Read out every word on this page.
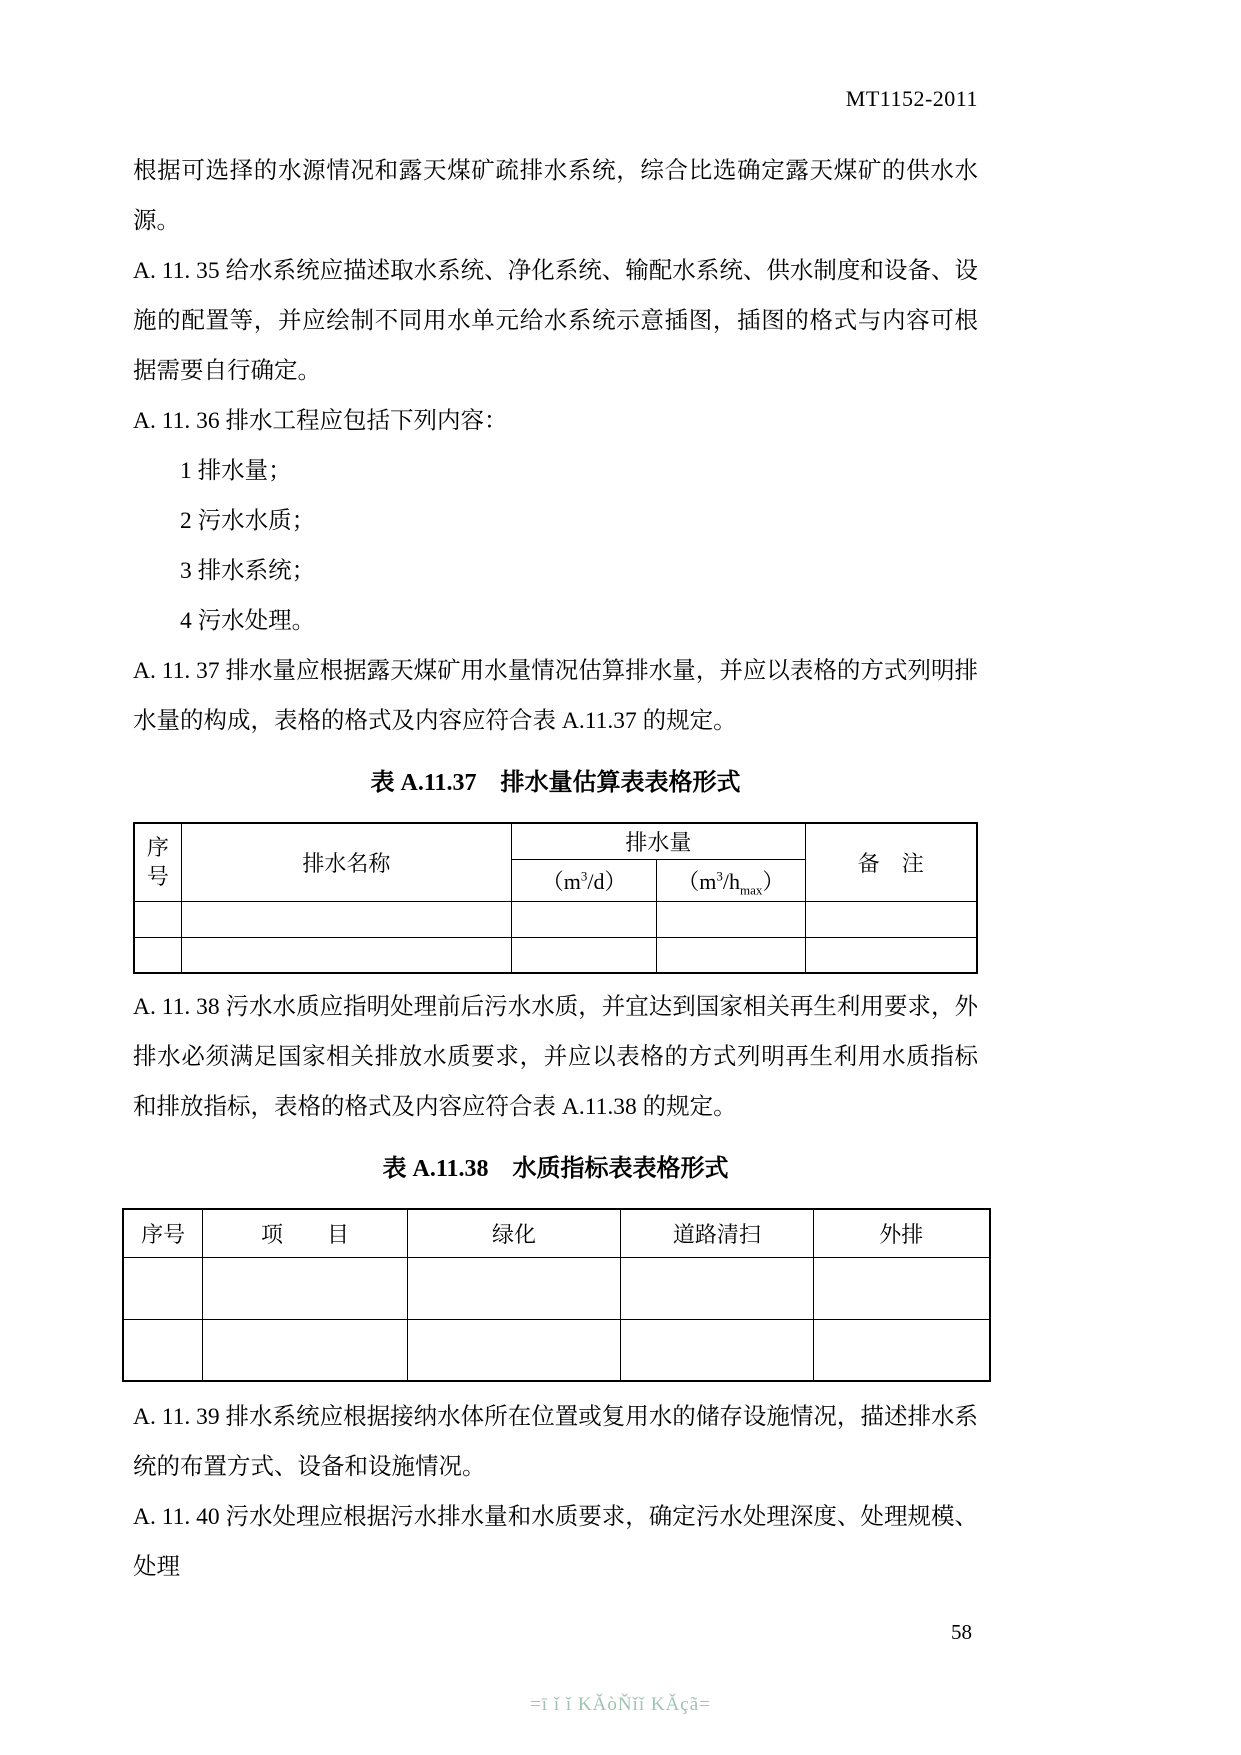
MT1152-2011

根据可选择的水源情况和露天煤矿疏排水系统，综合比选确定露天煤矿的供水水源。

A. 11. 35 给水系统应描述取水系统、净化系统、输配水系统、供水制度和设备、设施的配置等，并应绘制不同用水单元给水系统示意插图，插图的格式与内容可根据需要自行确定。

A. 11. 36 排水工程应包括下列内容：

1 排水量；

2 污水水质；

3 排水系统；

4 污水处理。

A. 11. 37 排水量应根据露天煤矿用水量情况估算排水量，并应以表格的方式列明排水量的构成，表格的格式及内容应符合表 A.11.37 的规定。

表 A.11.37　排水量估算表表格形式
序号	排水名称	排水量		备　注
		$(m^3/d)$	$(m^3/h_{max})$	

A. 11. 38 污水水质应指明处理前后污水水质，并宜达到国家相关再生利用要求，外排水必须满足国家相关排放水质要求，并应以表格的方式列明再生利用水质指标和排放指标，表格的格式及内容应符合表 A.11.38 的规定。

表 A.11.38　水质指标表表格形式
序号	项　　目	绿化	道路清扫	外排

A. 11. 39 排水系统应根据接纳水体所在位置或复用水的储存设施情况，描述排水系统的布置方式、设备和设施情况。

A. 11. 40 污水处理应根据污水排水量和水质要求，确定污水处理深度、处理规模、处理

58
=ī ǐ ǐ KǍòŇǐǐ KǍçã=
